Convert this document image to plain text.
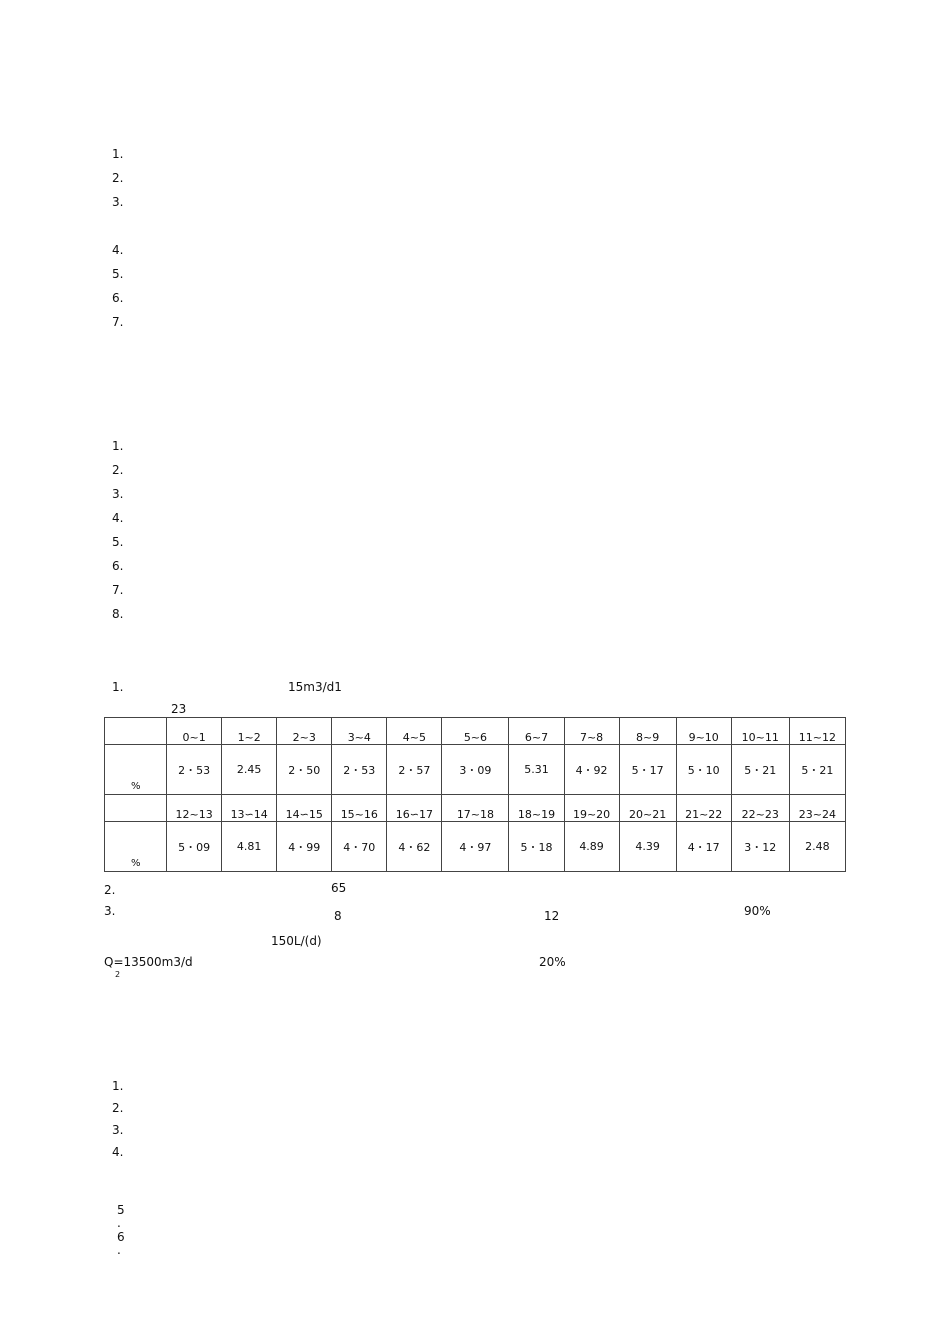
1.
2.
3.
4.
5.
6.
7.
1.
2.
3.
4.
5.
6.
7.
8.
1.	15m3/d1
23
	0~1	1~2	2~3	3~4	4~5	5~6	6~7	7~8	8~9	9~10	10~11	11~12

%	2・53	2.45	2・50	2・53	2・57	3・09	5.31	4・92	5・17	5・10	5・21	5・21
	12~13	13∽14	14∽15	15~16	16∽17	17~18	18~19	19~20	20~21	21~22	22~23	23~24

%	5・09	4.81	4・99	4・70	4・62	4・97	5・18	4.89	4.39	4・17	3・12	2.48
2.	65
3.	8	12	90%
150L/(d)
Q=13500m3/d
2
20%
1.
2.
3.
4.
5
.
6
.
